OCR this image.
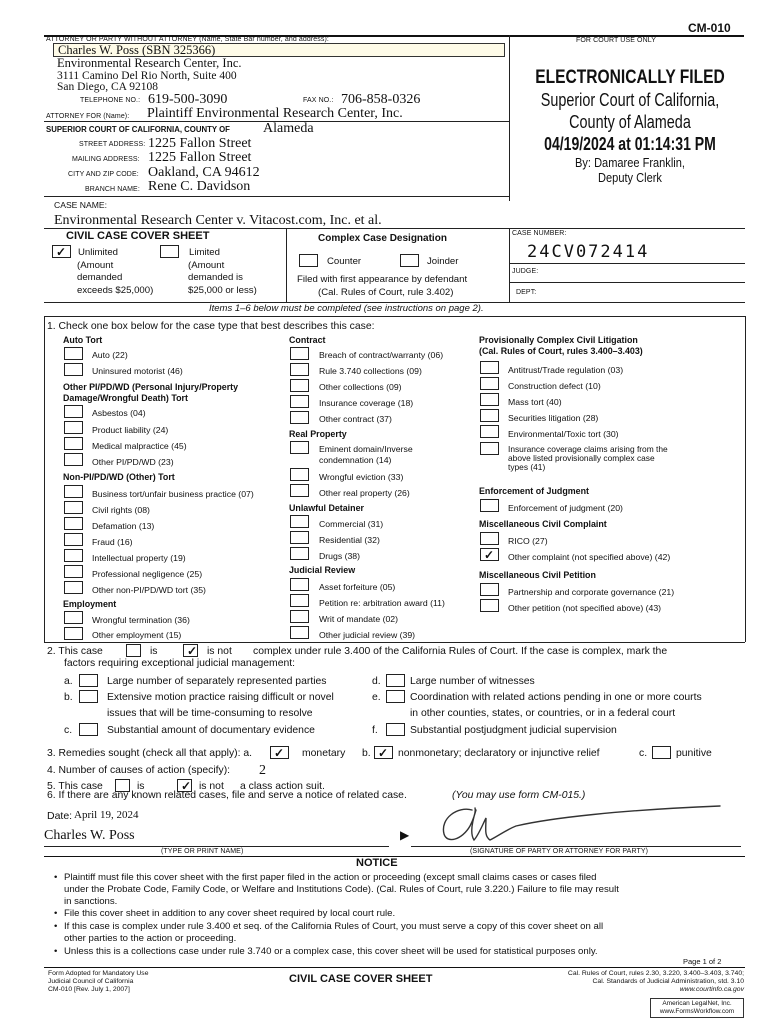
CM-010
ATTORNEY OR PARTY WITHOUT ATTORNEY (Name, State Bar number, and address):	FOR COURT USE ONLY
Charles W. Poss (SBN 325366)
Environmental Research Center, Inc.
3111 Camino Del Rio North, Suite 400
San Diego, CA 92108
TELEPHONE NO.: 619-500-3090	FAX NO.: 706-858-0326
ATTORNEY FOR (Name): Plaintiff Environmental Research Center, Inc.
SUPERIOR COURT OF CALIFORNIA, COUNTY OF Alameda
STREET ADDRESS: 1225 Fallon Street
MAILING ADDRESS: 1225 Fallon Street
CITY AND ZIP CODE: Oakland, CA 94612
BRANCH NAME: Rene C. Davidson
CASE NAME:
Environmental Research Center v. Vitacost.com, Inc. et al.
ELECTRONICALLY FILED
Superior Court of California,
County of Alameda
04/19/2024 at 01:14:31 PM
By: Damaree Franklin,
Deputy Clerk
CIVIL CASE COVER SHEET
✓ Unlimited
(Amount
demanded
exceeds $25,000)
Limited
(Amount
demanded is
$25,000 or less)
Complex Case Designation
Counter	Joinder
Filed with first appearance by defendant
(Cal. Rules of Court, rule 3.402)
CASE NUMBER:
24CV072414
JUDGE:
DEPT:
Items 1–6 below must be completed (see instructions on page 2).
1. Check one box below for the case type that best describes this case:
Auto Tort
Auto (22)
Uninsured motorist (46)
Other PI/PD/WD (Personal Injury/Property
Damage/Wrongful Death) Tort
Asbestos (04)
Product liability (24)
Medical malpractice (45)
Other PI/PD/WD (23)
Non-PI/PD/WD (Other) Tort
Business tort/unfair business practice (07)
Civil rights (08)
Defamation (13)
Fraud (16)
Intellectual property (19)
Professional negligence (25)
Other non-PI/PD/WD tort (35)
Employment
Wrongful termination (36)
Other employment (15)
Contract
Breach of contract/warranty (06)
Rule 3.740 collections (09)
Other collections (09)
Insurance coverage (18)
Other contract (37)
Real Property
Eminent domain/Inverse
condemnation (14)
Wrongful eviction (33)
Other real property (26)
Unlawful Detainer
Commercial (31)
Residential (32)
Drugs (38)
Judicial Review
Asset forfeiture (05)
Petition re: arbitration award (11)
Writ of mandate (02)
Other judicial review (39)
Provisionally Complex Civil Litigation
(Cal. Rules of Court, rules 3.400–3.403)
Antitrust/Trade regulation (03)
Construction defect (10)
Mass tort (40)
Securities litigation (28)
Environmental/Toxic tort (30)
Insurance coverage claims arising from the
above listed provisionally complex case
types (41)
Enforcement of Judgment
Enforcement of judgment (20)
Miscellaneous Civil Complaint
RICO (27)
✓ Other complaint (not specified above) (42)
Miscellaneous Civil Petition
Partnership and corporate governance (21)
Other petition (not specified above) (43)
2. This case	is ✓ is not complex under rule 3.400 of the California Rules of Court. If the case is complex, mark the
factors requiring exceptional judicial management:
a.	Large number of separately represented parties
b.	Extensive motion practice raising difficult or novel
issues that will be time-consuming to resolve
c.	Substantial amount of documentary evidence
d.	Large number of witnesses
e.	Coordination with related actions pending in one or more courts
in other counties, states, or countries, or in a federal court
f.	Substantial postjudgment judicial supervision
3. Remedies sought (check all that apply): a. ✓ monetary b. ✓ nonmonetary; declaratory or injunctive relief	c.	punitive
4. Number of causes of action (specify): 2
5. This case	is	✓ is not a class action suit.
6. If there are any known related cases, file and serve a notice of related case.	(You may use form CM-015.)
Date: April 19, 2024
Charles W. Poss
(TYPE OR PRINT NAME)
▶
(SIGNATURE OF PARTY OR ATTORNEY FOR PARTY)
NOTICE
• Plaintiff must file this cover sheet with the first paper filed in the action or proceeding (except small claims cases or cases filed
under the Probate Code, Family Code, or Welfare and Institutions Code). (Cal. Rules of Court, rule 3.220.) Failure to file may result
in sanctions.
• File this cover sheet in addition to any cover sheet required by local court rule.
• If this case is complex under rule 3.400 et seq. of the California Rules of Court, you must serve a copy of this cover sheet on all
other parties to the action or proceeding.
• Unless this is a collections case under rule 3.740 or a complex case, this cover sheet will be used for statistical purposes only.
Page 1 of 2
Form Adopted for Mandatory Use
Judicial Council of California
CM-010 [Rev. July 1, 2007]
CIVIL CASE COVER SHEET	Cal. Rules of Court, rules 2.30, 3.220, 3.400–3.403, 3.740;
Cal. Standards of Judicial Administration, std. 3.10
www.courtinfo.ca.gov
American LegalNet, Inc.
www.FormsWorkflow.com
